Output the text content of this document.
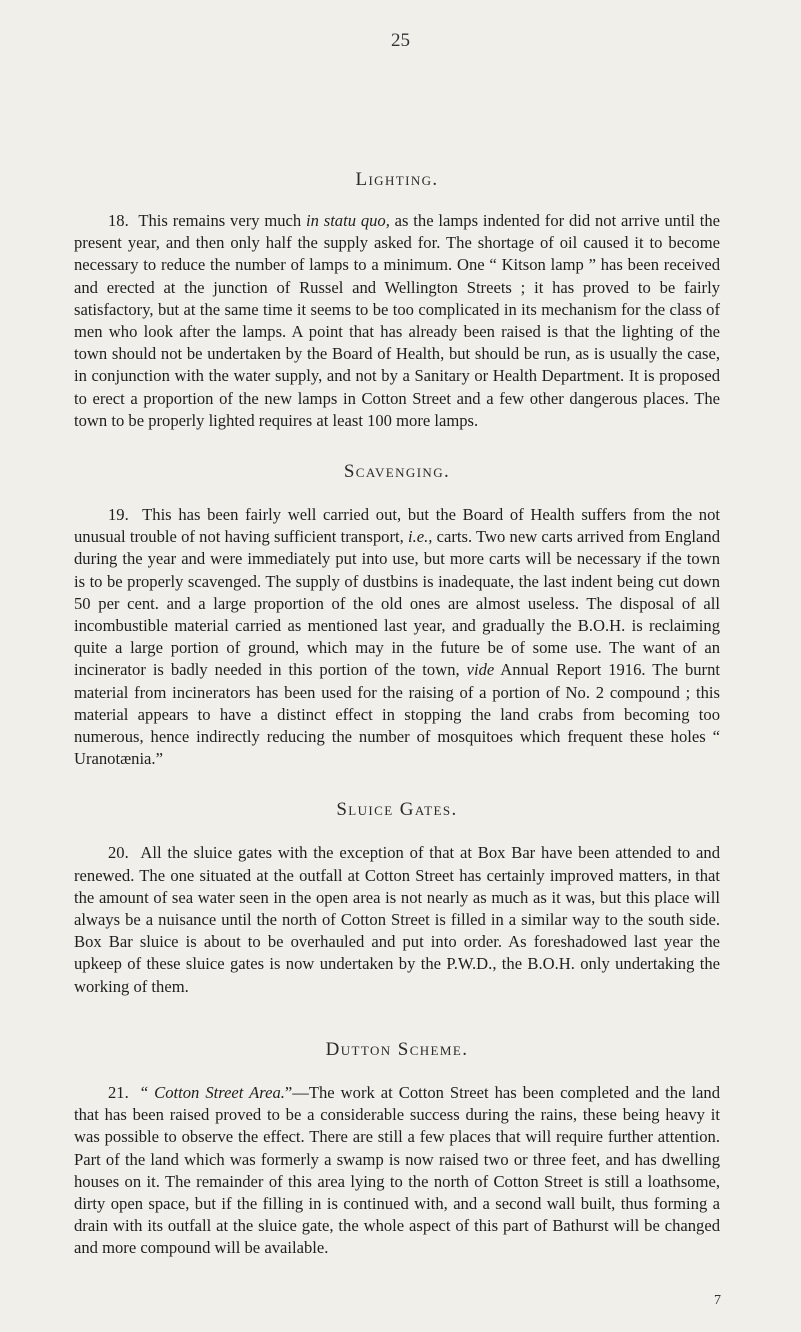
25
Lighting.

18. This remains very much in statu quo, as the lamps indented for did not arrive until the present year, and then only half the supply asked for. The shortage of oil caused it to become necessary to reduce the number of lamps to a minimum. One “ Kitson lamp ” has been received and erected at the junction of Russel and Wellington Streets ; it has proved to be fairly satisfactory, but at the same time it seems to be too complicated in its mechanism for the class of men who look after the lamps. A point that has already been raised is that the lighting of the town should not be undertaken by the Board of Health, but should be run, as is usually the case, in conjunction with the water supply, and not by a Sanitary or Health Department. It is proposed to erect a proportion of the new lamps in Cotton Street and a few other dangerous places. The town to be properly lighted requires at least 100 more lamps.

Scavenging.

19. This has been fairly well carried out, but the Board of Health suffers from the not unusual trouble of not having sufficient transport, i.e., carts. Two new carts arrived from England during the year and were immediately put into use, but more carts will be necessary if the town is to be properly scavenged. The supply of dustbins is inadequate, the last indent being cut down 50 per cent. and a large proportion of the old ones are almost useless. The disposal of all incombustible material carried as mentioned last year, and gradually the B.O.H. is reclaiming quite a large portion of ground, which may in the future be of some use. The want of an incinerator is badly needed in this portion of the town, vide Annual Report 1916. The burnt material from incinerators has been used for the raising of a portion of No. 2 compound ; this material appears to have a distinct effect in stopping the land crabs from becoming too numerous, hence indirectly reducing the number of mosquitoes which frequent these holes “ Uranotænia.”

Sluice Gates.

20. All the sluice gates with the exception of that at Box Bar have been attended to and renewed. The one situated at the outfall at Cotton Street has certainly improved matters, in that the amount of sea water seen in the open area is not nearly as much as it was, but this place will always be a nuisance until the north of Cotton Street is filled in a similar way to the south side. Box Bar sluice is about to be overhauled and put into order. As foreshadowed last year the upkeep of these sluice gates is now undertaken by the P.W.D., the B.O.H. only undertaking the working of them.

Dutton Scheme.

21. “ Cotton Street Area.”—The work at Cotton Street has been completed and the land that has been raised proved to be a considerable success during the rains, these being heavy it was possible to observe the effect. There are still a few places that will require further attention. Part of the land which was formerly a swamp is now raised two or three feet, and has dwelling houses on it. The remainder of this area lying to the north of Cotton Street is still a loathsome, dirty open space, but if the filling in is continued with, and a second wall built, thus forming a drain with its outfall at the sluice gate, the whole aspect of this part of Bathurst will be changed and more compound will be available.

7
